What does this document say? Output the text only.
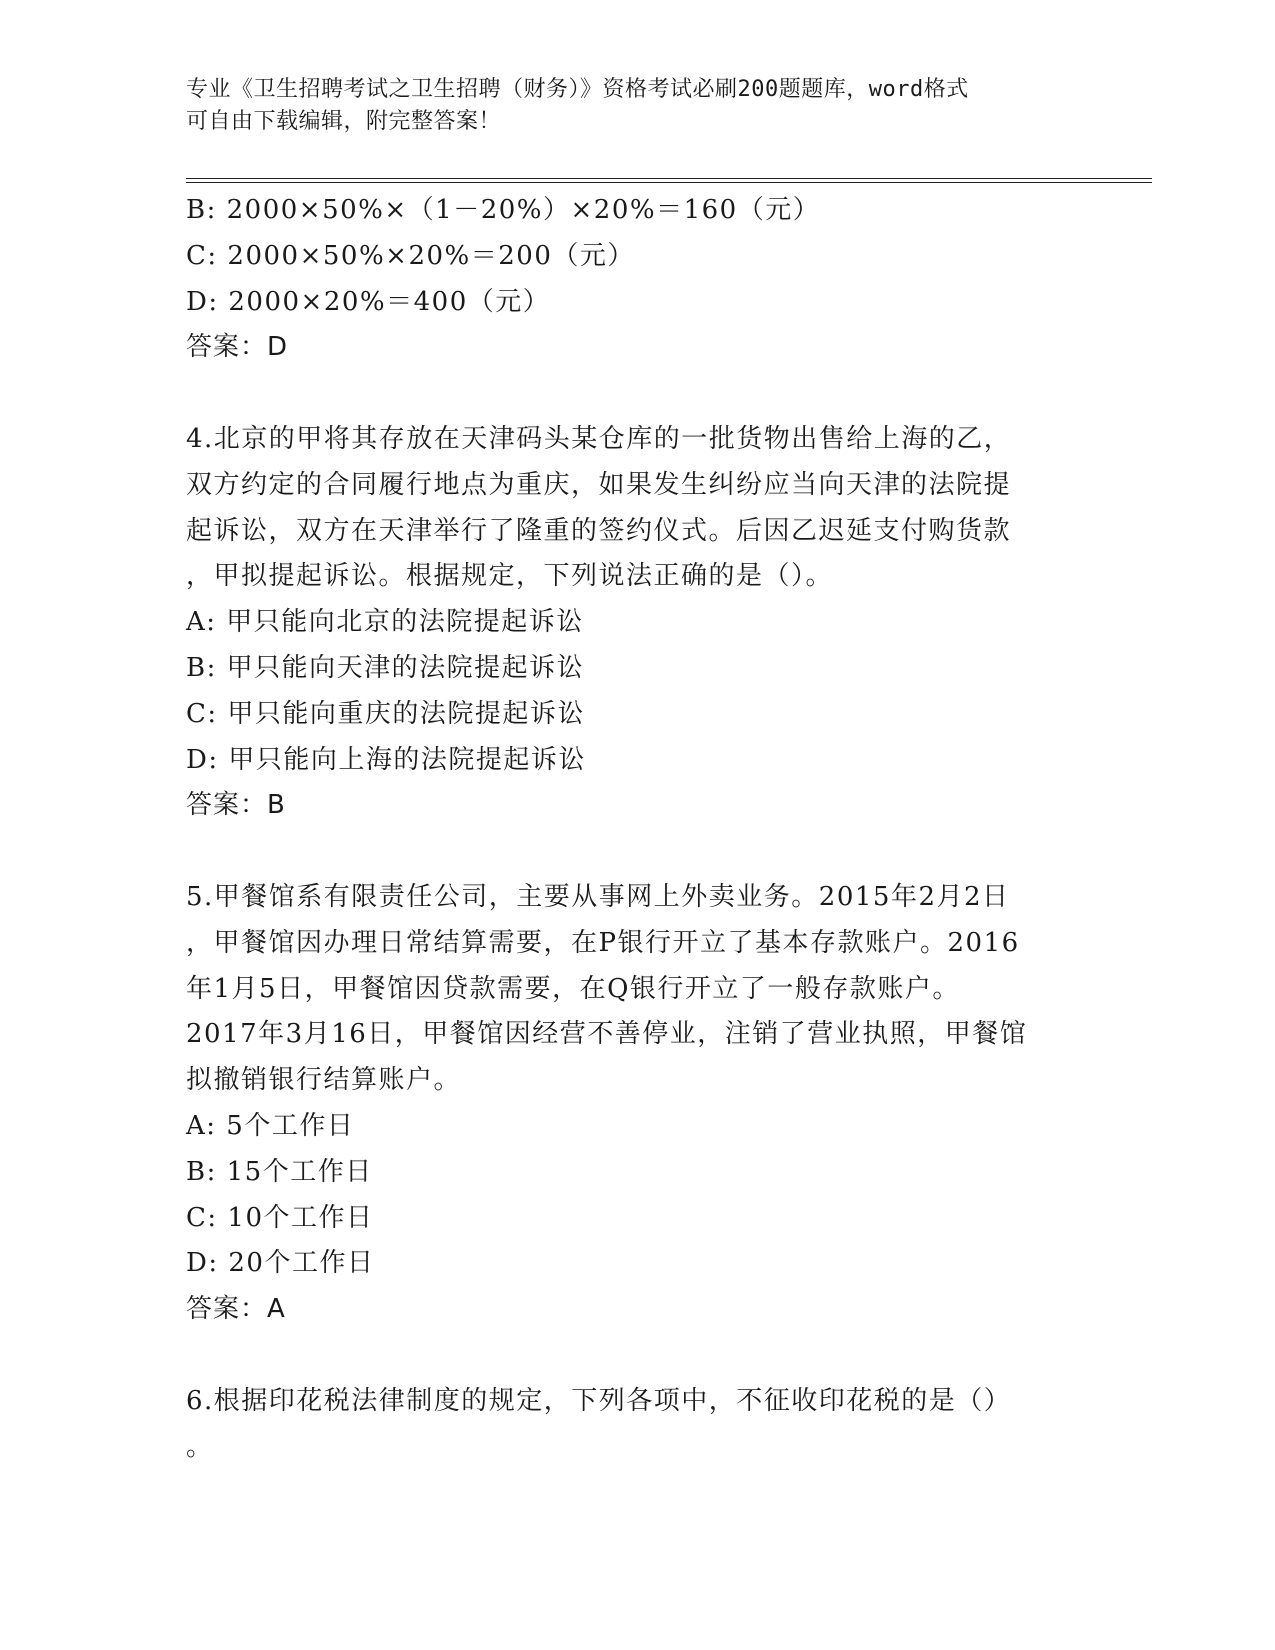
专业《卫生招聘考试之卫生招聘（财务）》资格考试必刷200题题库，word格式
可自由下载编辑，附完整答案！
B: 2000×50%×（1－20%）×20%＝160（元）
C: 2000×50%×20%＝200（元）
D: 2000×20%＝400（元）
答案：D
4.北京的甲将其存放在天津码头某仓库的一批货物出售给上海的乙，
双方约定的合同履行地点为重庆，如果发生纠纷应当向天津的法院提
起诉讼，双方在天津举行了隆重的签约仪式。后因乙迟延支付购货款
，甲拟提起诉讼。根据规定，下列说法正确的是（）。
A: 甲只能向北京的法院提起诉讼
B: 甲只能向天津的法院提起诉讼
C: 甲只能向重庆的法院提起诉讼
D: 甲只能向上海的法院提起诉讼
答案：B
5.甲餐馆系有限责任公司，主要从事网上外卖业务。2015年2月2日
，甲餐馆因办理日常结算需要，在P银行开立了基本存款账户。2016
年1月5日，甲餐馆因贷款需要，在Q银行开立了一般存款账户。
2017年3月16日，甲餐馆因经营不善停业，注销了营业执照，甲餐馆
拟撤销银行结算账户。
A: 5个工作日
B: 15个工作日
C: 10个工作日
D: 20个工作日
答案：A
6.根据印花税法律制度的规定，下列各项中，不征收印花税的是（）
。
